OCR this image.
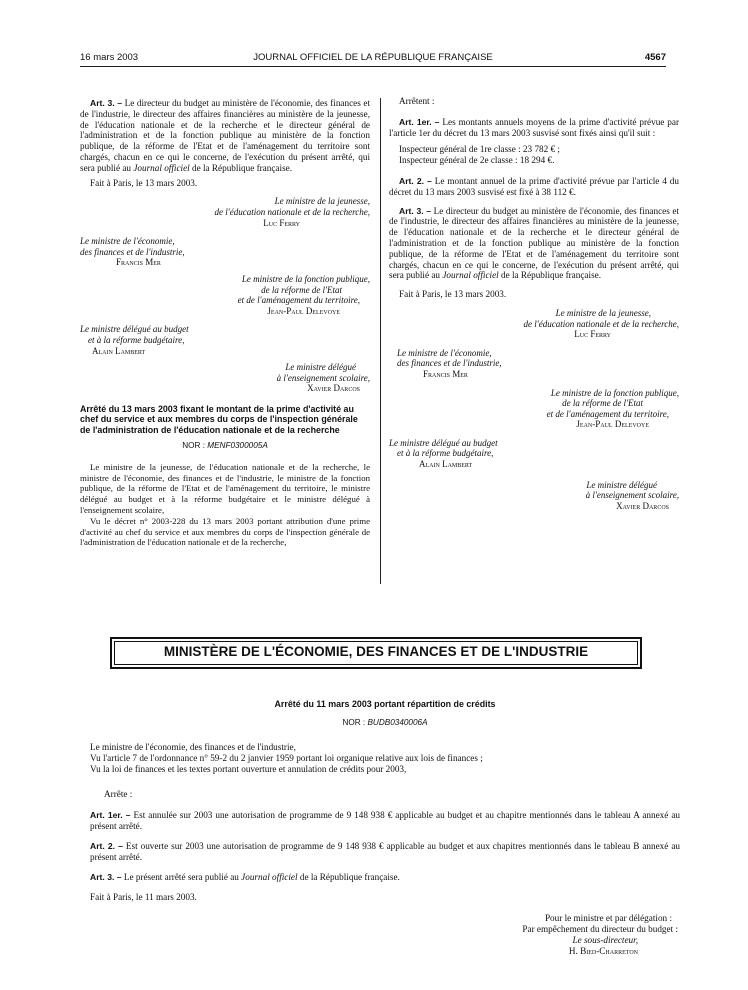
16 mars 2003	JOURNAL OFFICIEL DE LA RÉPUBLIQUE FRANÇAISE	4567

Art. 3. – Le directeur du budget au ministère de l'économie, des finances et de l'industrie, le directeur des affaires financières au ministère de la jeunesse, de l'éducation nationale et de la recherche et le directeur général de l'administration et de la fonction publique au ministère de la fonction publique, de la réforme de l'Etat et de l'aménagement du territoire sont chargés, chacun en ce qui le concerne, de l'exécution du présent arrêté, qui sera publié au Journal officiel de la République française.

Fait à Paris, le 13 mars 2003.

Le ministre de la jeunesse,

de l'éducation nationale et de la recherche,

Luc Ferry

Le ministre de l'économie,

des finances et de l'industrie,

Francis Mer

Le ministre de la fonction publique,

de la réforme de l'Etat

et de l'aménagement du territoire,

Jean-Paul Delevoye

Le ministre délégué au budget

et à la réforme budgétaire,

Alain Lambert

Le ministre délégué

à l'enseignement scolaire,

Xavier Darcos

Arrêté du 13 mars 2003 fixant le montant de la prime d'activité au chef du service et aux membres du corps de l'inspection générale de l'administration de l'éducation nationale et de la recherche

NOR : MENF0300005A

Le ministre de la jeunesse, de l'éducation nationale et de la recherche, le ministre de l'économie, des finances et de l'industrie, le ministre de la fonction publique, de la réforme de l'Etat et de l'aménagement du territoire, le ministre délégué au budget et à la réforme budgétaire et le ministre délégué à l'enseignement scolaire,

Vu le décret n° 2003-228 du 13 mars 2003 portant attribution d'une prime d'activité au chef du service et aux membres du corps de l'inspection générale de l'administration de l'éducation nationale et de la recherche,

Arrêtent :

Art. 1er. – Les montants annuels moyens de la prime d'activité prévue par l'article 1er du décret du 13 mars 2003 susvisé sont fixés ainsi qu'il suit :

Inspecteur général de 1re classe : 23 782 € ;

Inspecteur général de 2e classe : 18 294 €.

Art. 2. – Le montant annuel de la prime d'activité prévue par l'article 4 du décret du 13 mars 2003 susvisé est fixé à 38 112 €.

Art. 3. – Le directeur du budget au ministère de l'économie, des finances et de l'industrie, le directeur des affaires financières au ministère de la jeunesse, de l'éducation nationale et de la recherche et le directeur général de l'administration et de la fonction publique au ministère de la fonction publique, de la réforme de l'Etat et de l'aménagement du territoire sont chargés, chacun en ce qui le concerne, de l'exécution du présent arrêté, qui sera publié au Journal officiel de la République française.

Fait à Paris, le 13 mars 2003.

Le ministre de la jeunesse,

de l'éducation nationale et de la recherche,

Luc Ferry

Le ministre de l'économie,

des finances et de l'industrie,

Francis Mer

Le ministre de la fonction publique,

de la réforme de l'Etat

et de l'aménagement du territoire,

Jean-Paul Delevoye

Le ministre délégué au budget

et à la réforme budgétaire,

Alain Lambert

Le ministre délégué

à l'enseignement scolaire,

Xavier Darcos

MINISTÈRE DE L'ÉCONOMIE, DES FINANCES ET DE L'INDUSTRIE

Arrêté du 11 mars 2003 portant répartition de crédits

NOR : BUDB0340006A

Le ministre de l'économie, des finances et de l'industrie,

Vu l'article 7 de l'ordonnance n° 59-2 du 2 janvier 1959 portant loi organique relative aux lois de finances ;

Vu la loi de finances et les textes portant ouverture et annulation de crédits pour 2003,

Arrête :

Art. 1er. – Est annulée sur 2003 une autorisation de programme de 9 148 938 € applicable au budget et au chapitre mentionnés dans le tableau A annexé au présent arrêté.

Art. 2. – Est ouverte sur 2003 une autorisation de programme de 9 148 938 € applicable au budget et aux chapitres mentionnés dans le tableau B annexé au présent arrêté.

Art. 3. – Le présent arrêté sera publié au Journal officiel de la République française.

Fait à Paris, le 11 mars 2003.

Pour le ministre et par délégation :

Par empêchement du directeur du budget :

Le sous-directeur,

H. Bied-Charreton
